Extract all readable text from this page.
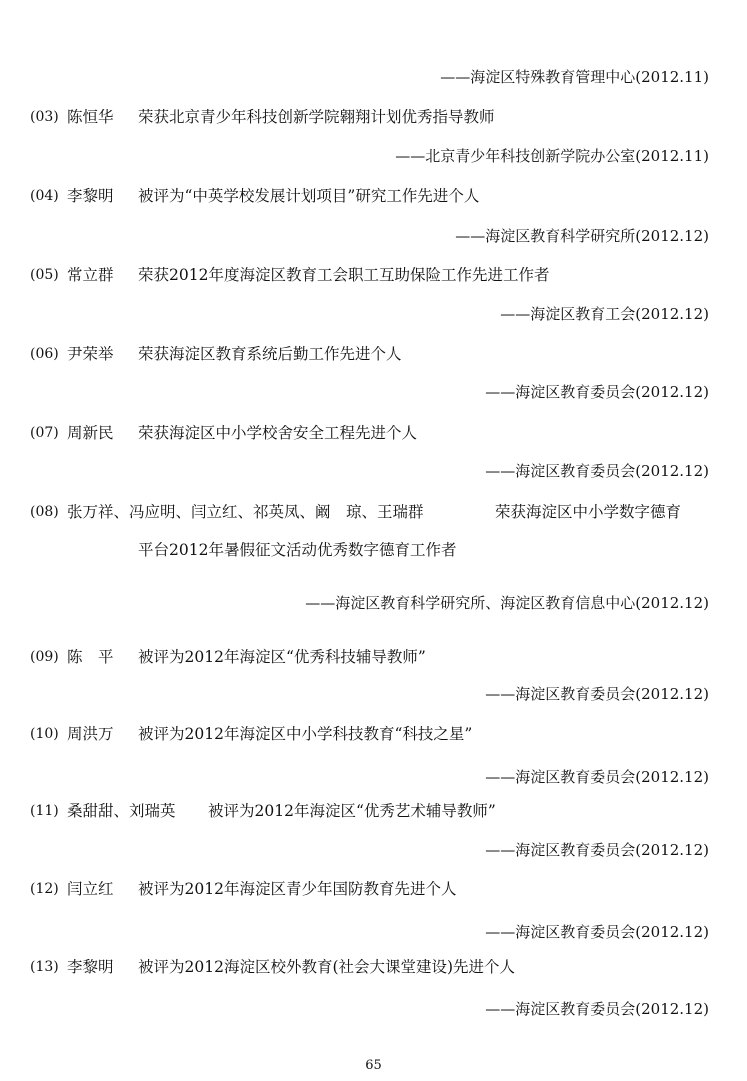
——海淀区特殊教育管理中心(2012.11)
(03) 陈恒华 荣获北京青少年科技创新学院翱翔计划优秀指导教师
——北京青少年科技创新学院办公室(2012.11)
(04) 李黎明 被评为“中英学校发展计划项目”研究工作先进个人
——海淀区教育科学研究所(2012.12)
(05) 常立群 荣获2012年度海淀区教育工会职工互助保险工作先进工作者
——海淀区教育工会(2012.12)
(06) 尹荣举 荣获海淀区教育系统后勤工作先进个人
——海淀区教育委员会(2012.12)
(07) 周新民 荣获海淀区中小学校舍安全工程先进个人
——海淀区教育委员会(2012.12)
(08) 张万祥、冯应明、闫立红、祁英凤、阚　琼、王瑞群	荣获海淀区中小学数字德育
平台2012年暑假征文活动优秀数字德育工作者
——海淀区教育科学研究所、海淀区教育信息中心(2012.12)
(09) 陈　平 被评为2012年海淀区“优秀科技辅导教师”
——海淀区教育委员会(2012.12)
(10) 周洪万 被评为2012年海淀区中小学科技教育“科技之星”
——海淀区教育委员会(2012.12)
(11) 桑甜甜、刘瑞英 被评为2012年海淀区“优秀艺术辅导教师”
——海淀区教育委员会(2012.12)
(12) 闫立红 被评为2012年海淀区青少年国防教育先进个人
——海淀区教育委员会(2012.12)
(13) 李黎明 被评为2012海淀区校外教育(社会大课堂建设)先进个人
——海淀区教育委员会(2012.12)
65
